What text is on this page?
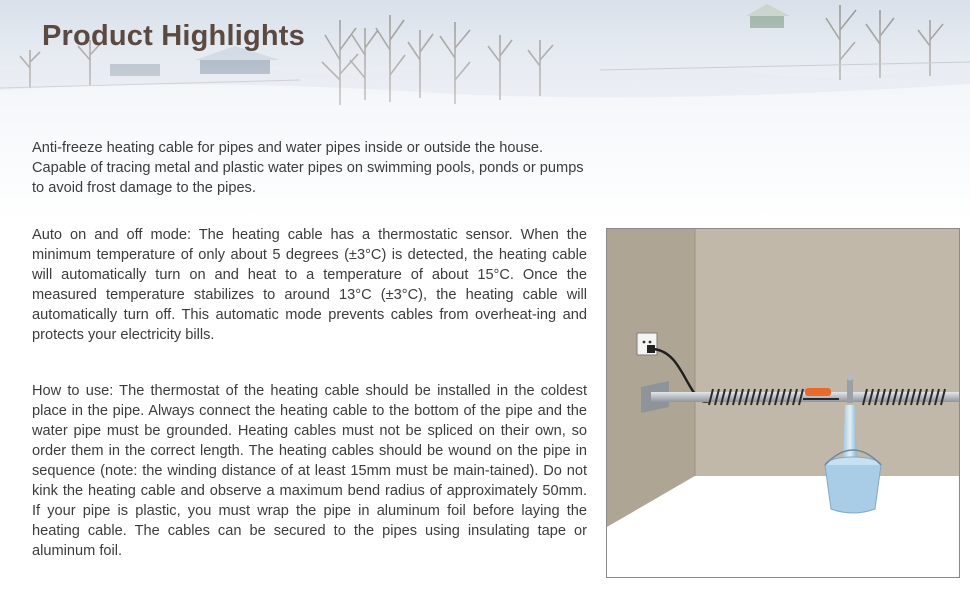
Product Highlights

Anti-freeze heating cable for pipes and water pipes inside or outside the house. Capable of tracing metal and plastic water pipes on swimming pools, ponds or pumps to avoid frost damage to the pipes.

Auto on and off mode: The heating cable has a thermostatic sensor. When the minimum temperature of only about 5 degrees (±3°C) is detected, the heating cable will automatically turn on and heat to a temperature of about 15°C. Once the measured temperature stabilizes to around 13°C (±3°C), the heating cable will automatically turn off. This automatic mode prevents cables from overheat-ing and protects your electricity bills.

How to use: The thermostat of the heating cable should be installed in the coldest place in the pipe. Always connect the heating cable to the bottom of the pipe and the water pipe must be grounded. Heating cables must not be spliced on their own, so order them in the correct length. The heating cables should be wound on the pipe in sequence (note: the winding distance of at least 15mm must be main-tained). Do not kink the heating cable and observe a maximum bend radius of approximately 50mm. If your pipe is plastic, you must wrap the pipe in aluminum foil before laying the heating cable. The cables can be secured to the pipes using insulating tape or aluminum foil.
